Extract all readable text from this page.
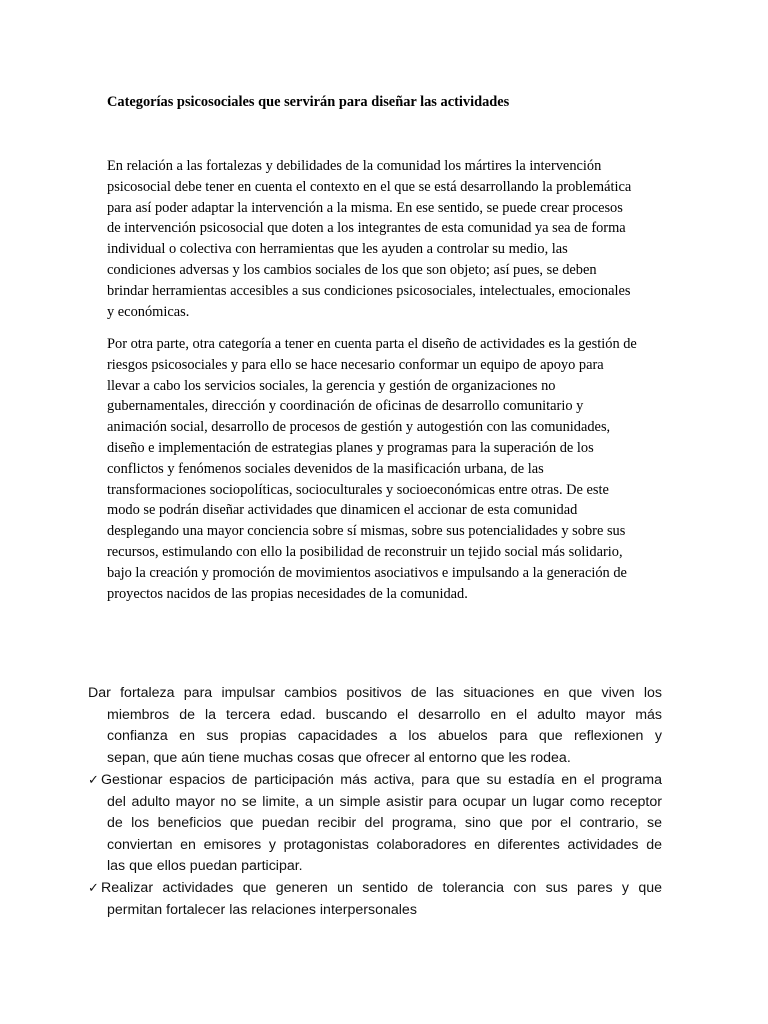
Categorías psicosociales que servirán para diseñar las actividades
En relación a las fortalezas y debilidades de la comunidad los mártires la intervención
psicosocial debe tener en cuenta el contexto en el que se está desarrollando la problemática
para así poder adaptar la intervención a la misma. En ese sentido, se puede crear procesos
de intervención psicosocial que doten a los integrantes de esta comunidad ya sea de forma
individual o colectiva con herramientas que les ayuden a controlar su medio, las
condiciones adversas y los cambios sociales de los que son objeto; así pues, se deben
brindar herramientas accesibles a sus condiciones psicosociales, intelectuales, emocionales
y económicas.
Por otra parte, otra categoría a tener en cuenta parta el diseño de actividades es la gestión de
riesgos psicosociales y para ello se hace necesario conformar un equipo de apoyo para
llevar a cabo los servicios sociales, la gerencia y gestión de organizaciones no
gubernamentales, dirección y coordinación de oficinas de desarrollo comunitario y
animación social, desarrollo de procesos de gestión y autogestión con las comunidades,
diseño e implementación de estrategias planes y programas para la superación de los
conflictos y fenómenos sociales devenidos de la masificación urbana, de las
transformaciones sociopolíticas, socioculturales y socioeconómicas entre otras. De este
modo se podrán diseñar actividades que dinamicen el accionar de esta comunidad
desplegando una mayor conciencia sobre sí mismas, sobre sus potencialidades y sobre sus
recursos, estimulando con ello la posibilidad de reconstruir un tejido social más solidario,
bajo la creación y promoción de movimientos asociativos e impulsando a la generación de
proyectos nacidos de las propias necesidades de la comunidad.
Dar fortaleza para impulsar cambios positivos de las situaciones en que viven los
miembros de la tercera edad. buscando el desarrollo en el adulto mayor más
confianza en sus propias capacidades a los abuelos para que reflexionen y
sepan, que aún tiene muchas cosas que ofrecer al entorno que les rodea.
✓ Gestionar espacios de participación más activa, para que su estadía en el programa
del adulto mayor no se limite, a un simple asistir para ocupar un lugar como receptor
de los beneficios que puedan recibir del programa, sino que por el contrario, se
conviertan en emisores y protagonistas colaboradores en diferentes actividades de
las que ellos puedan participar.
✓ Realizar actividades que generen un sentido de tolerancia con sus pares y que
permitan fortalecer las relaciones interpersonales
